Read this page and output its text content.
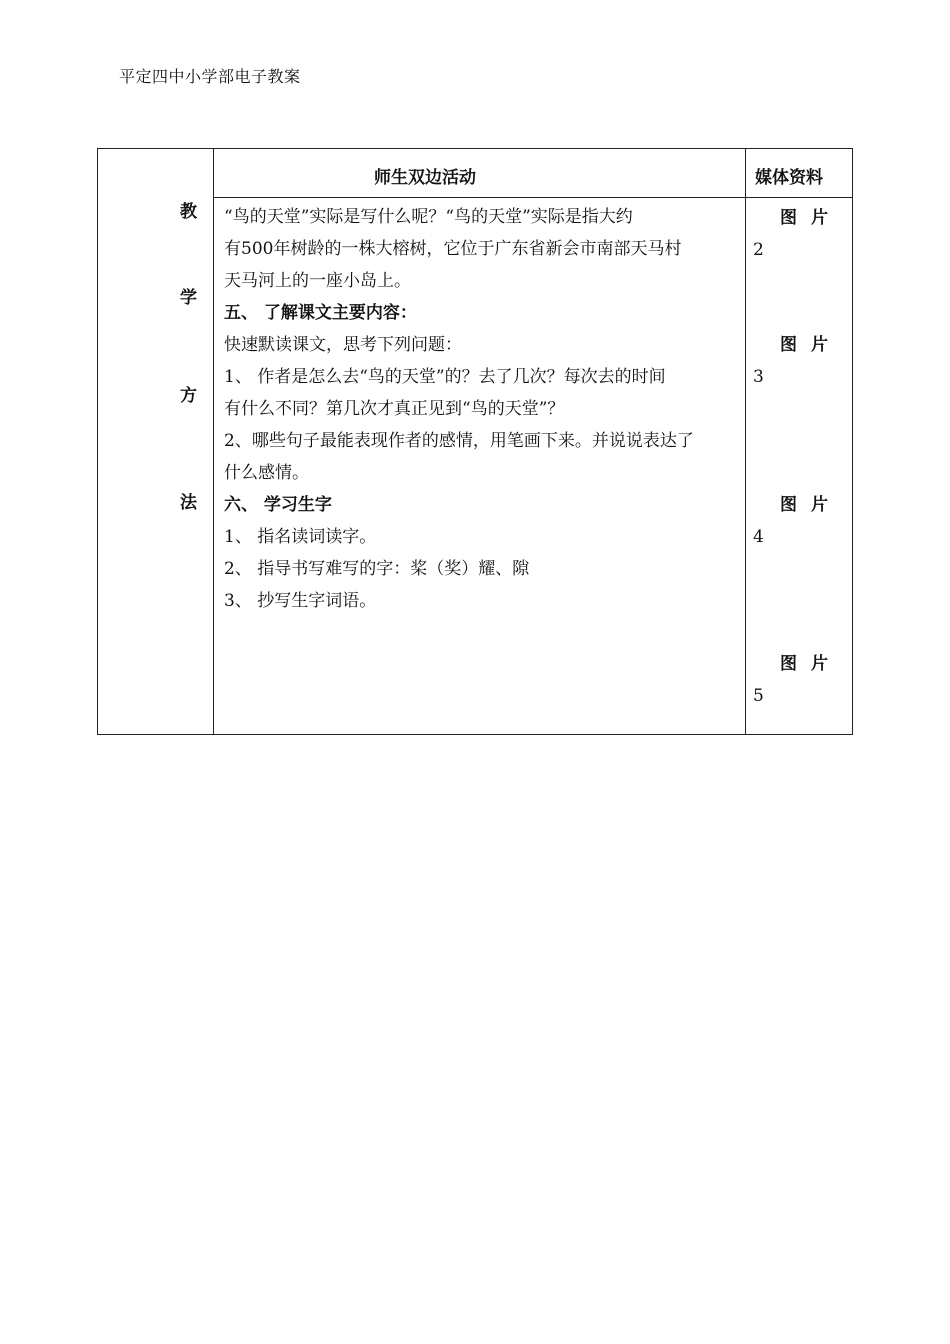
平定四中小学部电子教案
师生双边活动	媒体资料
教
学
方
法

“鸟的天堂”实际是写什么呢？“鸟的天堂”实际是指大约

有500年树龄的一株大榕树，它位于广东省新会市南部天马村

天马河上的一座小岛上。

五、 了解课文主要内容：

快速默读课文，思考下列问题：

1、 作者是怎么去“鸟的天堂”的？去了几次？每次去的时间

有什么不同？第几次才真正见到“鸟的天堂”？

2、哪些句子最能表现作者的感情，用笔画下来。并说说表达了

什么感情。

六、 学习生字

1、 指名读词读字。

2、 指导书写难写的字：桨（奖）耀、隙

3、 抄写生字词语。

图片
2
图片
3
图片
4
图片
5
